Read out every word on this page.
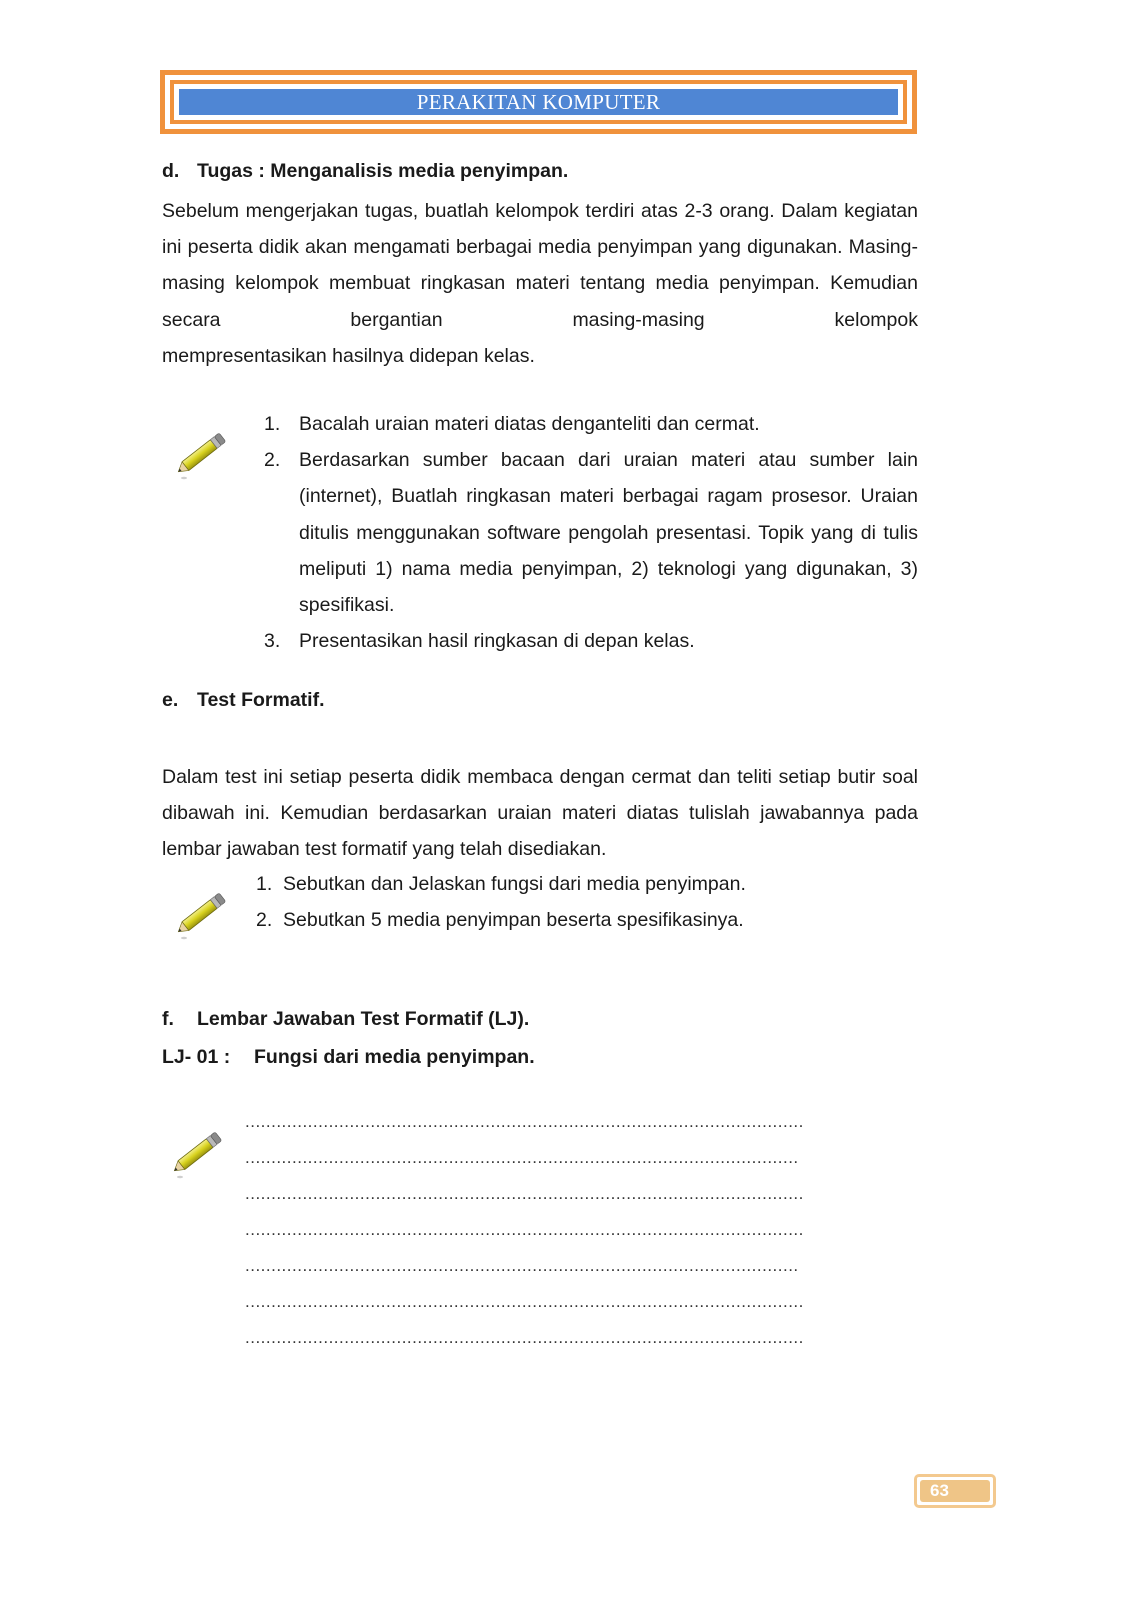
PERAKITAN KOMPUTER
d. Tugas : Menganalisis media penyimpan.
Sebelum mengerjakan tugas, buatlah kelompok terdiri atas 2-3 orang. Dalam kegiatan ini peserta didik akan mengamati berbagai media penyimpan yang digunakan. Masing-masing kelompok membuat ringkasan materi tentang media penyimpan. Kemudian secara bergantian masing-masing kelompok
mempresentasikan hasilnya didepan kelas.
1. Bacalah uraian materi diatas denganteliti dan cermat.
2. Berdasarkan sumber bacaan dari uraian materi atau sumber lain (internet), Buatlah ringkasan materi berbagai ragam prosesor. Uraian ditulis menggunakan software pengolah presentasi. Topik yang di tulis meliputi 1) nama media penyimpan, 2) teknologi yang digunakan, 3) spesifikasi.
3. Presentasikan hasil ringkasan di depan kelas.
e. Test Formatif.
Dalam test ini setiap peserta didik membaca dengan cermat dan teliti setiap butir soal dibawah ini. Kemudian berdasarkan uraian materi diatas tulislah jawabannya pada lembar jawaban test formatif yang telah disediakan.
1. Sebutkan dan Jelaskan fungsi dari media penyimpan.
2. Sebutkan 5 media penyimpan beserta spesifikasinya.
f. Lembar Jawaban Test Formatif (LJ).
LJ- 01 : Fungsi dari media penyimpan.
...........................................................................................................
..........................................................................................................
...........................................................................................................
...........................................................................................................
..........................................................................................................
...........................................................................................................
...........................................................................................................
63
